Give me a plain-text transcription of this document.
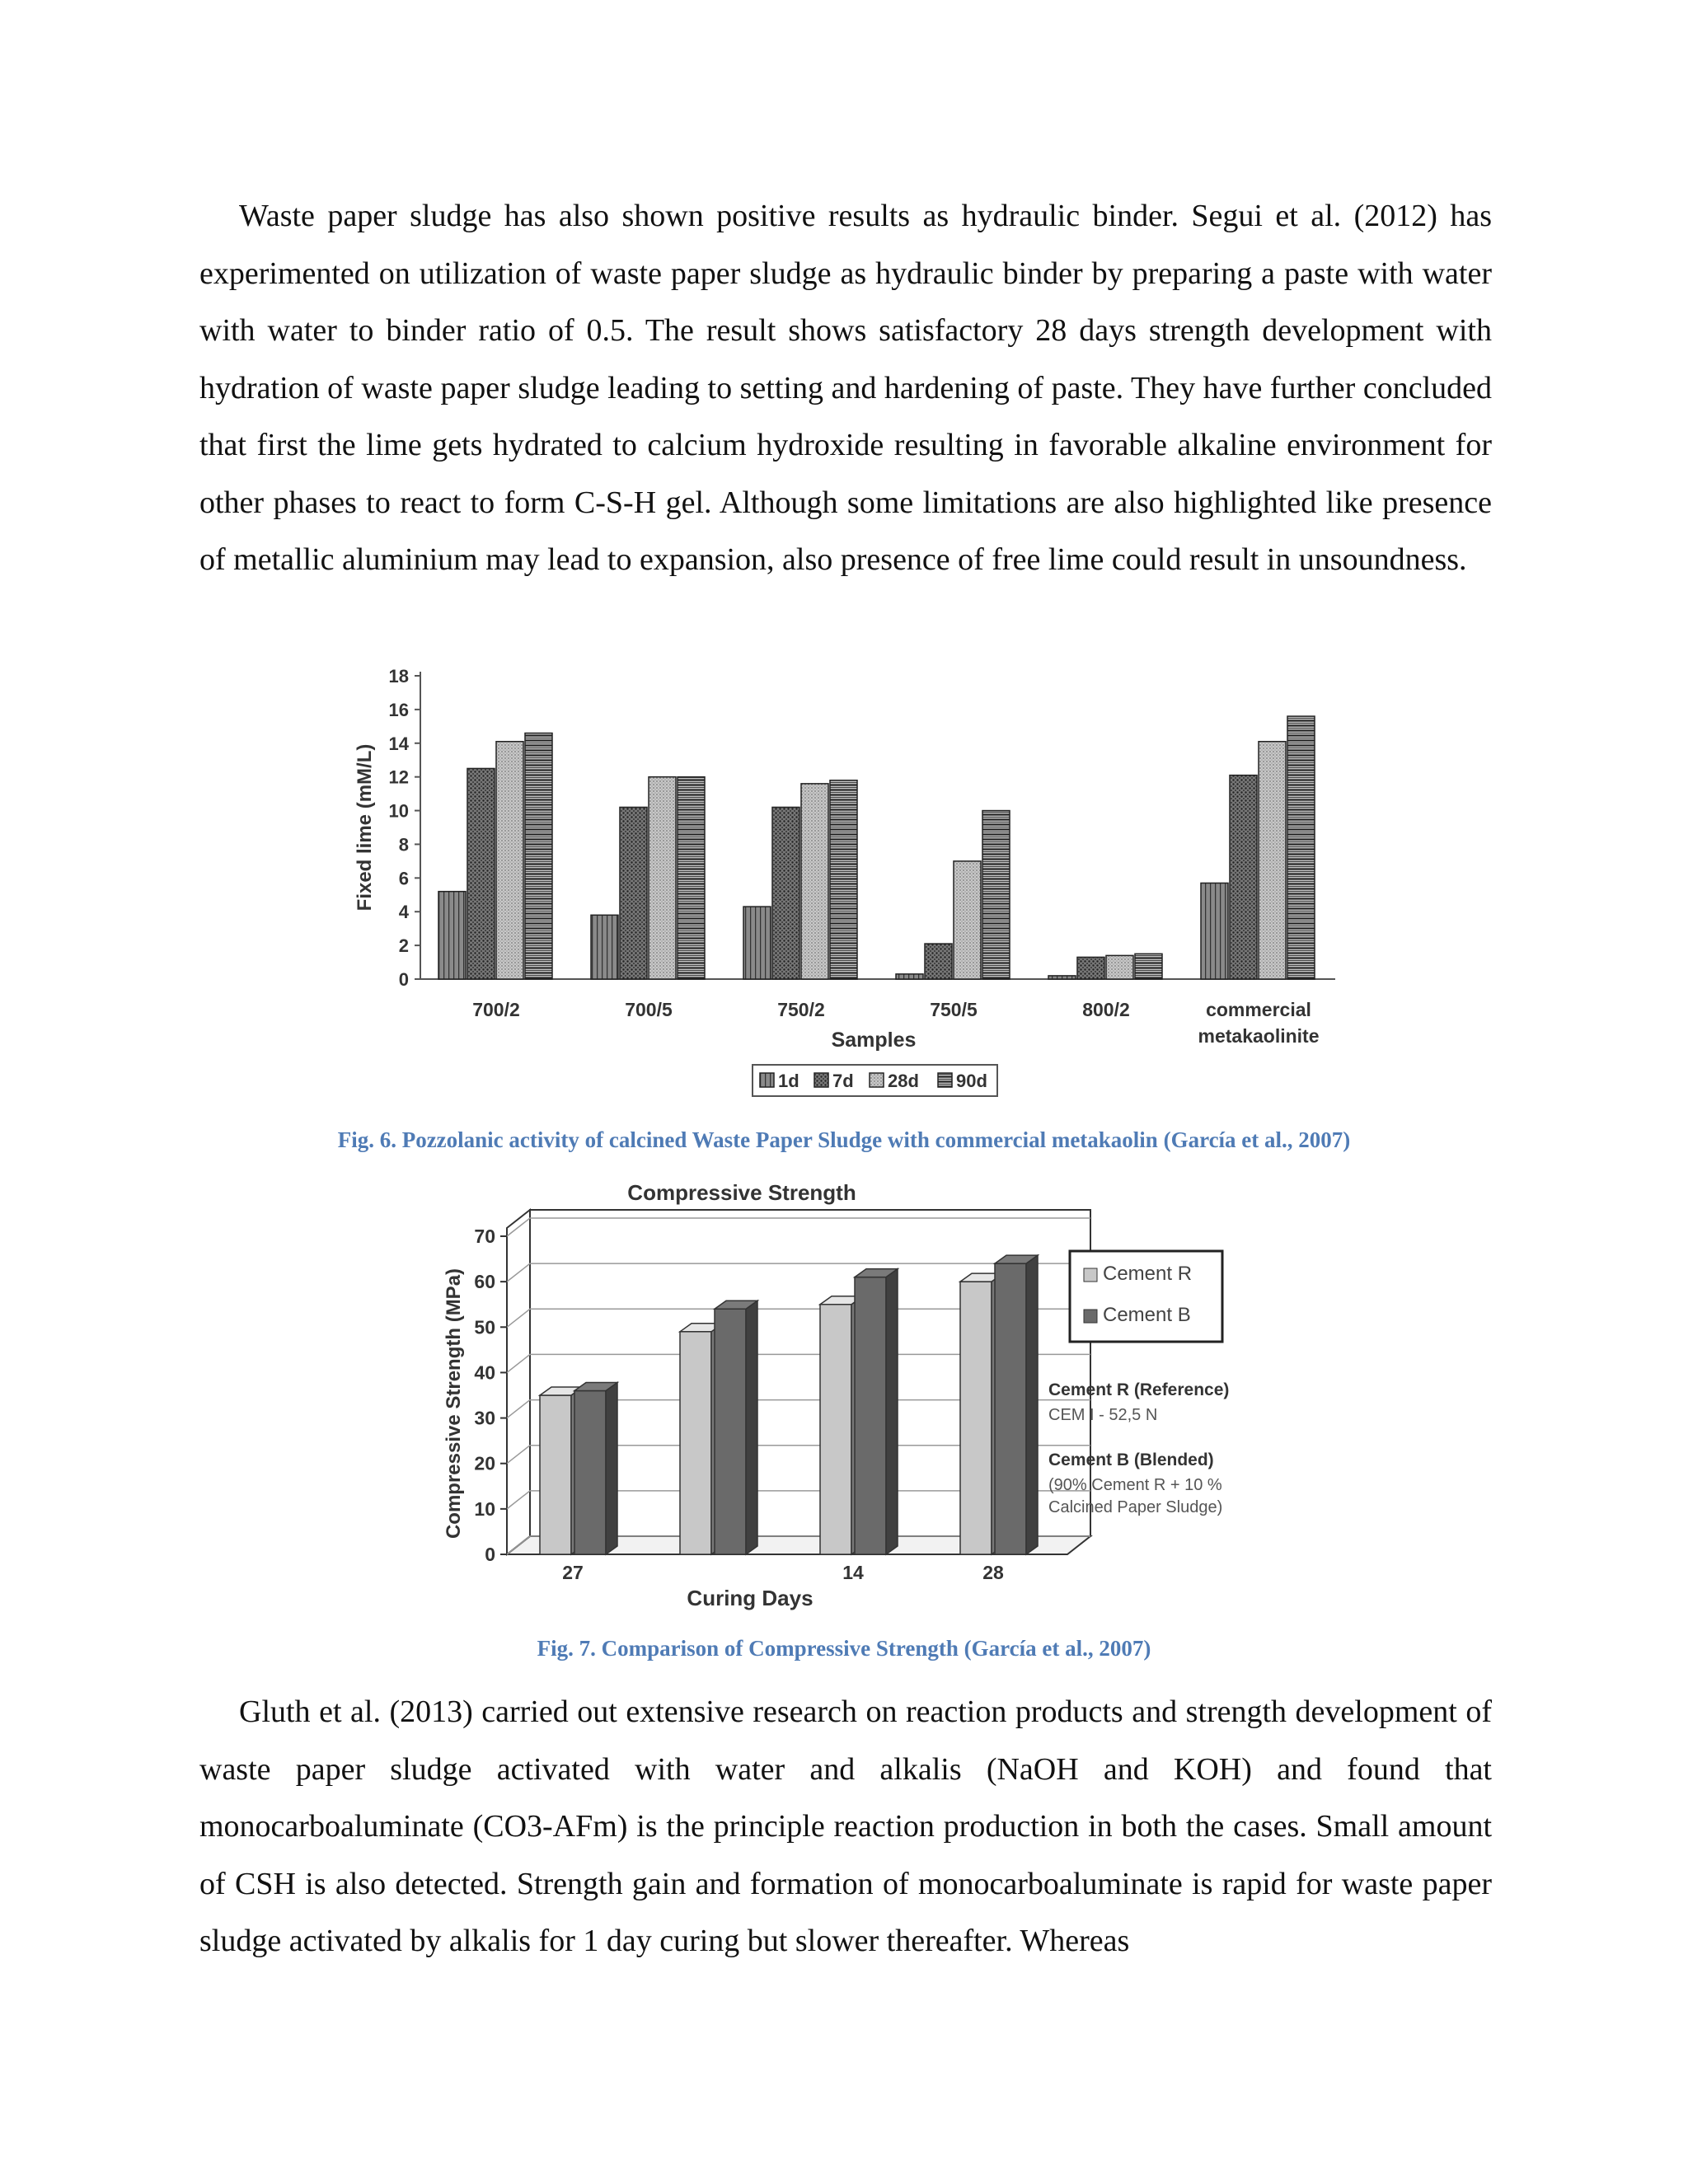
Waste paper sludge has also shown positive results as hydraulic binder. Segui et al. (2012) has experimented on utilization of waste paper sludge as hydraulic binder by preparing a paste with water with water to binder ratio of 0.5. The result shows satisfactory 28 days strength development with hydration of waste paper sludge leading to setting and hardening of paste. They have further concluded that first the lime gets hydrated to calcium hydroxide resulting in favorable alkaline environment for other phases to react to form C-S-H gel. Although some limitations are also highlighted like presence of metallic aluminium may lead to expansion, also presence of free lime could result in unsoundness.

0
2
4
6
8
10
12
14
16
18
Fixed lime (mM/L)
700/2	700/5	750/2	750/5	800/2	commercial
metakaolinite
Samples
1d 7d 28d 90d
Fig. 6. Pozzolanic activity of calcined Waste Paper Sludge with commercial metakaolin (García et al., 2007)
Compressive Strength
0
10
20
30
40
50
60
70
Compressive Strength (MPa)
27	14	28
Curing Days
Cement R
Cement B
Cement R (Reference)
CEM I - 52,5 N
Cement B (Blended)
(90% Cement R + 10 %
Calcined Paper Sludge)
Fig. 7. Comparison of Compressive Strength (García et al., 2007)

Gluth et al. (2013) carried out extensive research on reaction products and strength development of waste paper sludge activated with water and alkalis (NaOH and KOH) and found that monocarboaluminate (CO3-AFm) is the principle reaction production in both the cases. Small amount of CSH is also detected. Strength gain and formation of monocarboaluminate is rapid for waste paper sludge activated by alkalis for 1 day curing but slower thereafter. Whereas
